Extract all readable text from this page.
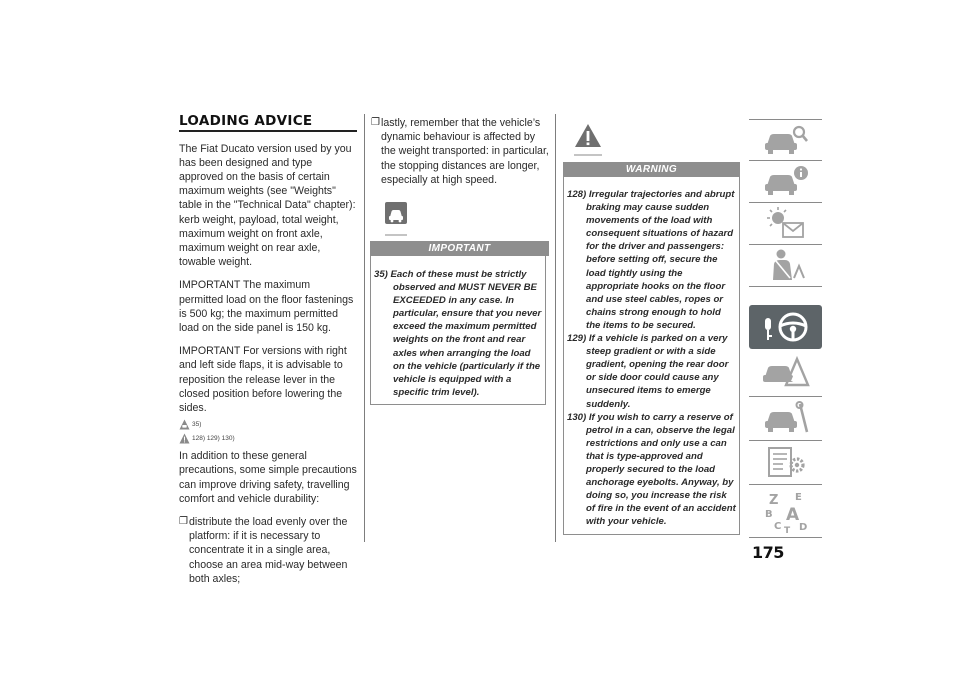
LOADING ADVICE

The Fiat Ducato version used by you has been designed and type approved on the basis of certain maximum weights (see "Weights" table in the "Technical Data" chapter): kerb weight, payload, total weight, maximum weight on front axle, maximum weight on rear axle, towable weight.

IMPORTANT The maximum permitted load on the floor fastenings is 500 kg; the maximum permitted load on the side panel is 150 kg.

IMPORTANT For versions with right and left side flaps, it is advisable to reposition the release lever in the closed position before lowering the sides.

35)
128) 129) 130)

In addition to these general precautions, some simple precautions can improve driving safety, travelling comfort and vehicle durability:

❐ distribute the load evenly over the platform: if it is necessary to concentrate it in a single area, choose an area mid-way between both axles;
❐ lastly, remember that the vehicle’s dynamic behaviour is affected by the weight transported: in particular, the stopping distances are longer, especially at high speed.
IMPORTANT

35) Each of these must be strictly observed and MUST NEVER BE EXCEEDED in any case. In particular, ensure that you never exceed the maximum permitted weights on the front and rear axles when arranging the load on the vehicle (particularly if the vehicle is equipped with a specific trim level).

WARNING

128) Irregular trajectories and abrupt braking may cause sudden movements of the load with consequent situations of hazard for the driver and passengers: before setting off, secure the load tightly using the appropriate hooks on the floor and use steel cables, ropes or chains strong enough to hold the items to be secured.

129) If a vehicle is parked on a very steep gradient or with a side gradient, opening the rear door or side door could cause any unsecured items to emerge suddenly.

130) If you wish to carry a reserve of petrol in a can, observe the legal restrictions and only use a can that is type-approved and properly secured to the load anchorage eyebolts. Anyway, by doing so, you increase the risk of fire in the event of an accident with your vehicle.

Z E
B A
C T D
175
